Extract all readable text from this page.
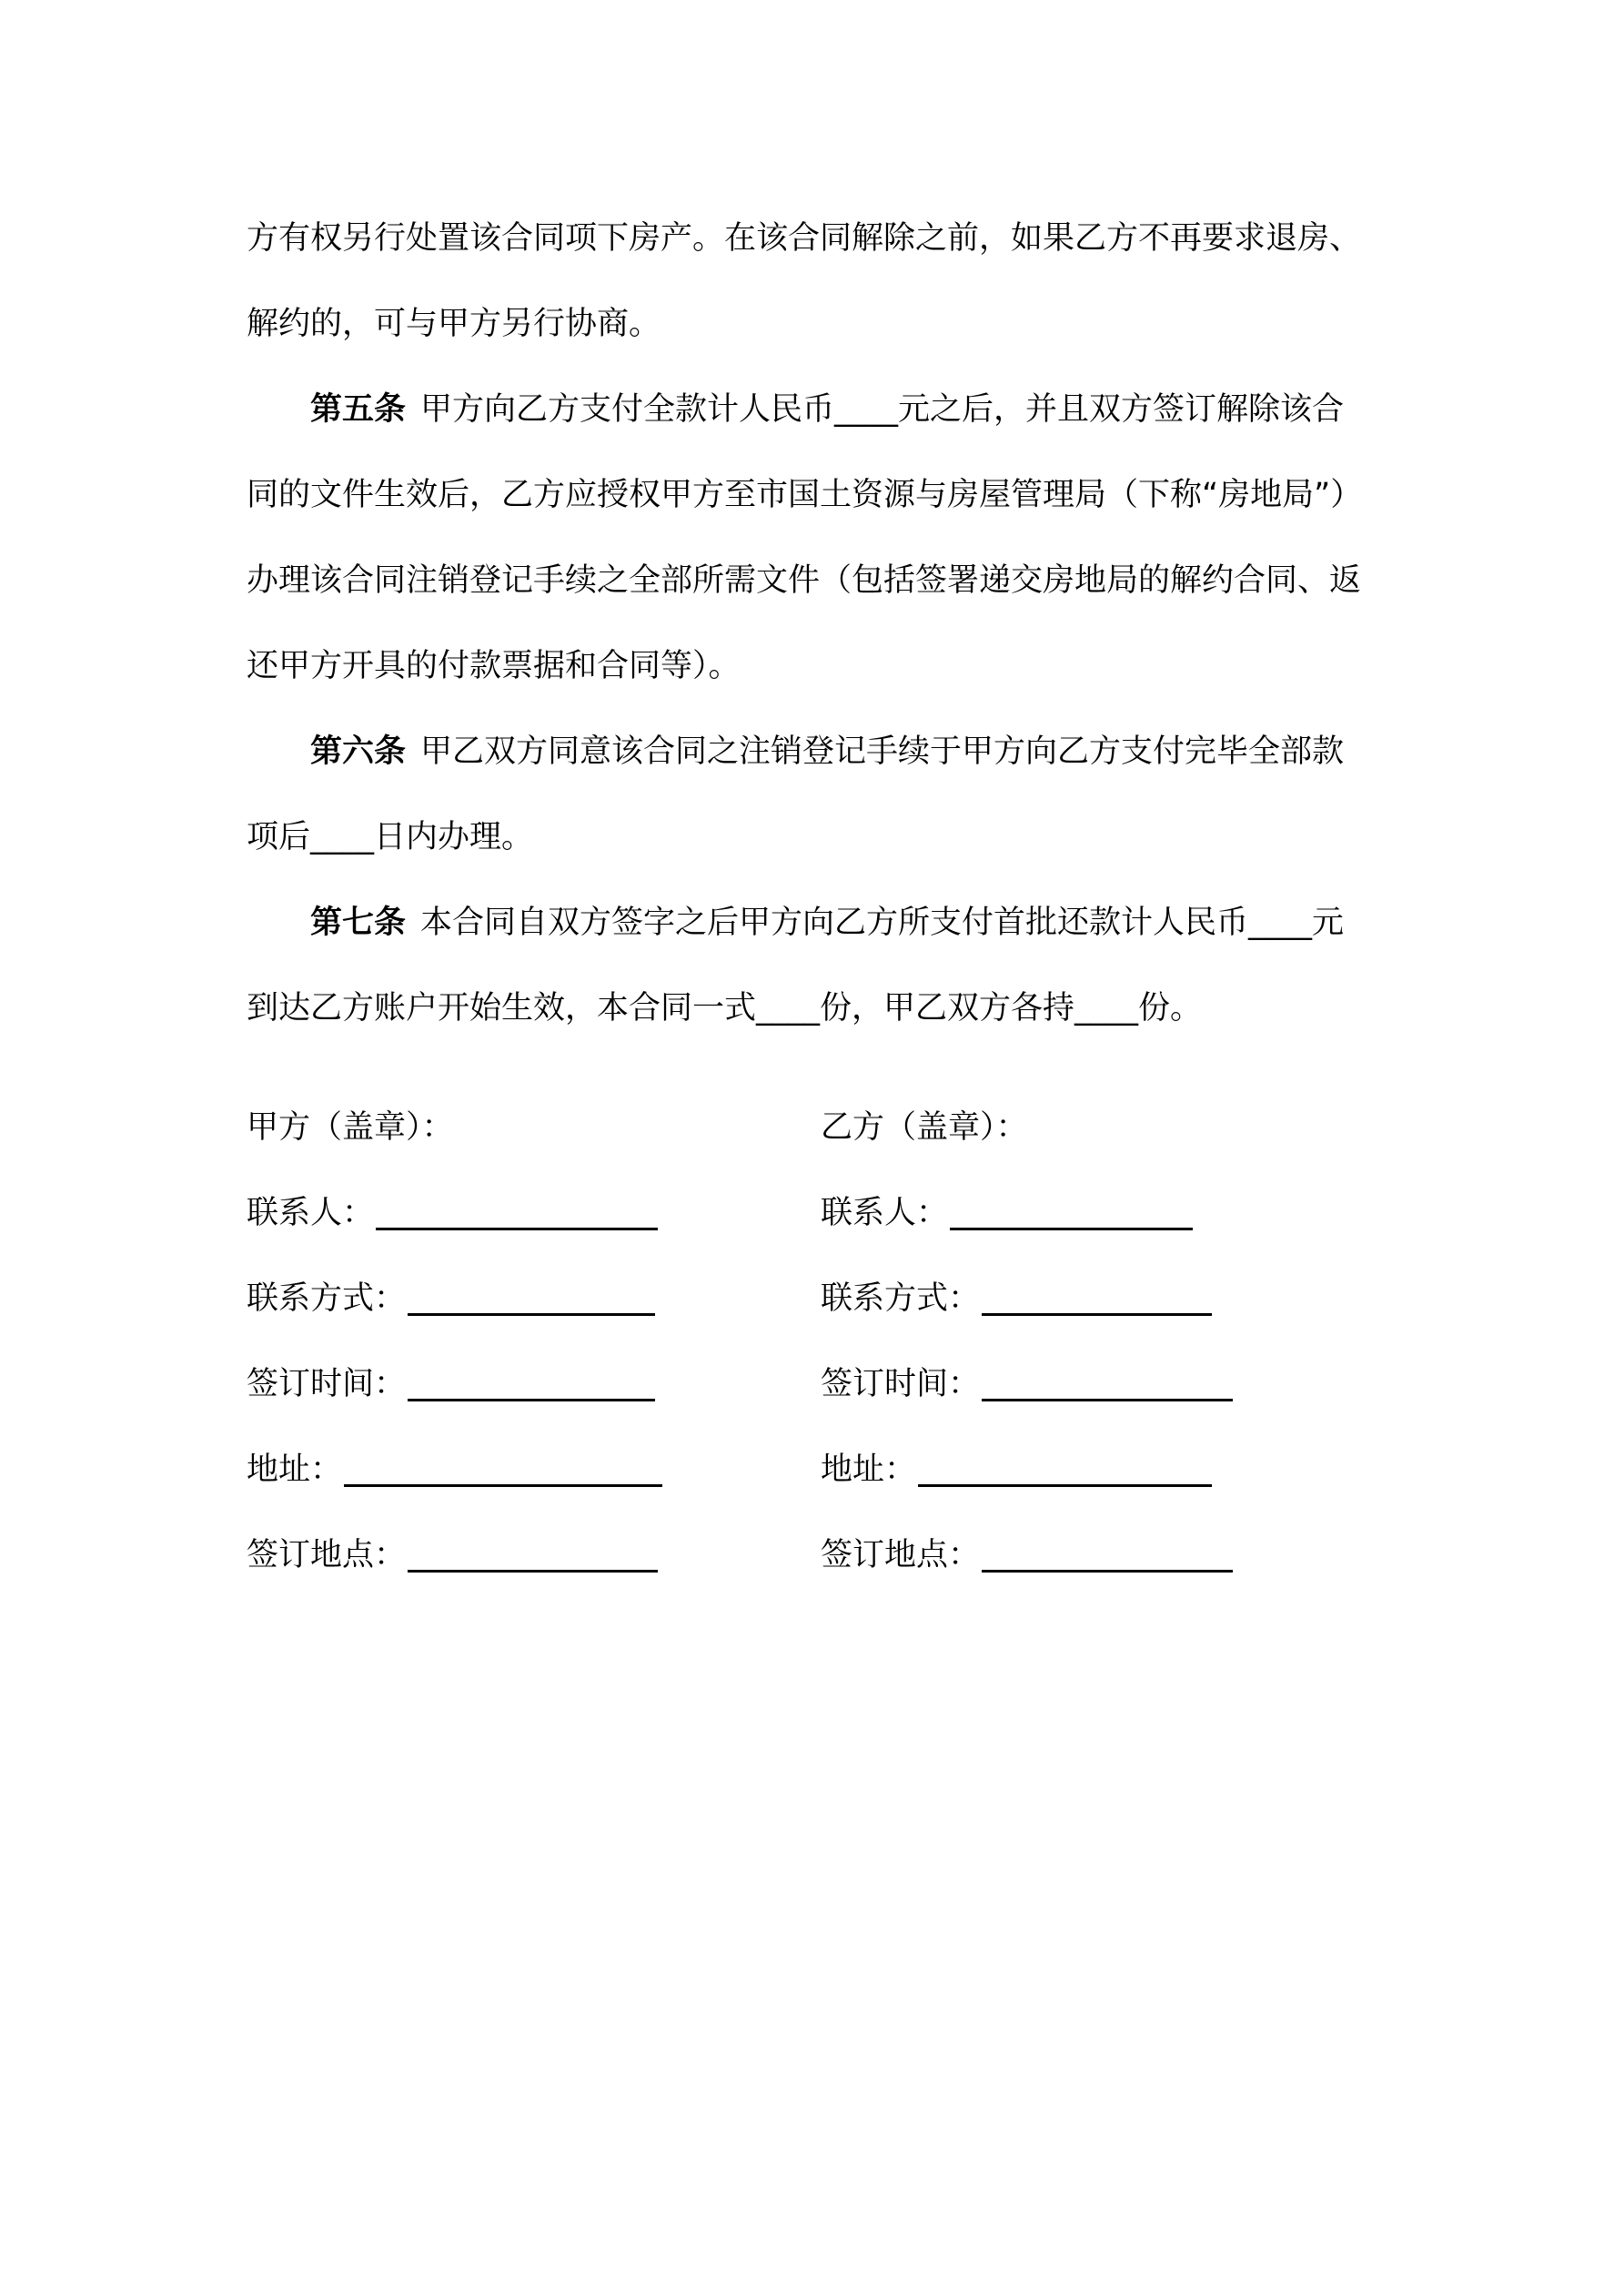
方有权另行处置该合同项下房产。在该合同解除之前，如果乙方不再要求退房、
解约的，可与甲方另行协商。
第五条 甲方向乙方支付全款计人民币____元之后，并且双方签订解除该合
同的文件生效后，乙方应授权甲方至市国土资源与房屋管理局（下称“房地局”）
办理该合同注销登记手续之全部所需文件（包括签署递交房地局的解约合同、返
还甲方开具的付款票据和合同等）。
第六条 甲乙双方同意该合同之注销登记手续于甲方向乙方支付完毕全部款
项后____日内办理。
第七条 本合同自双方签字之后甲方向乙方所支付首批还款计人民币____元
到达乙方账户开始生效，本合同一式____份，甲乙双方各持____份。
甲方（盖章）：	乙方（盖章）：
联系人：	联系人：
联系方式：	联系方式：
签订时间：	签订时间：
地址：	地址：
签订地点：	签订地点：
